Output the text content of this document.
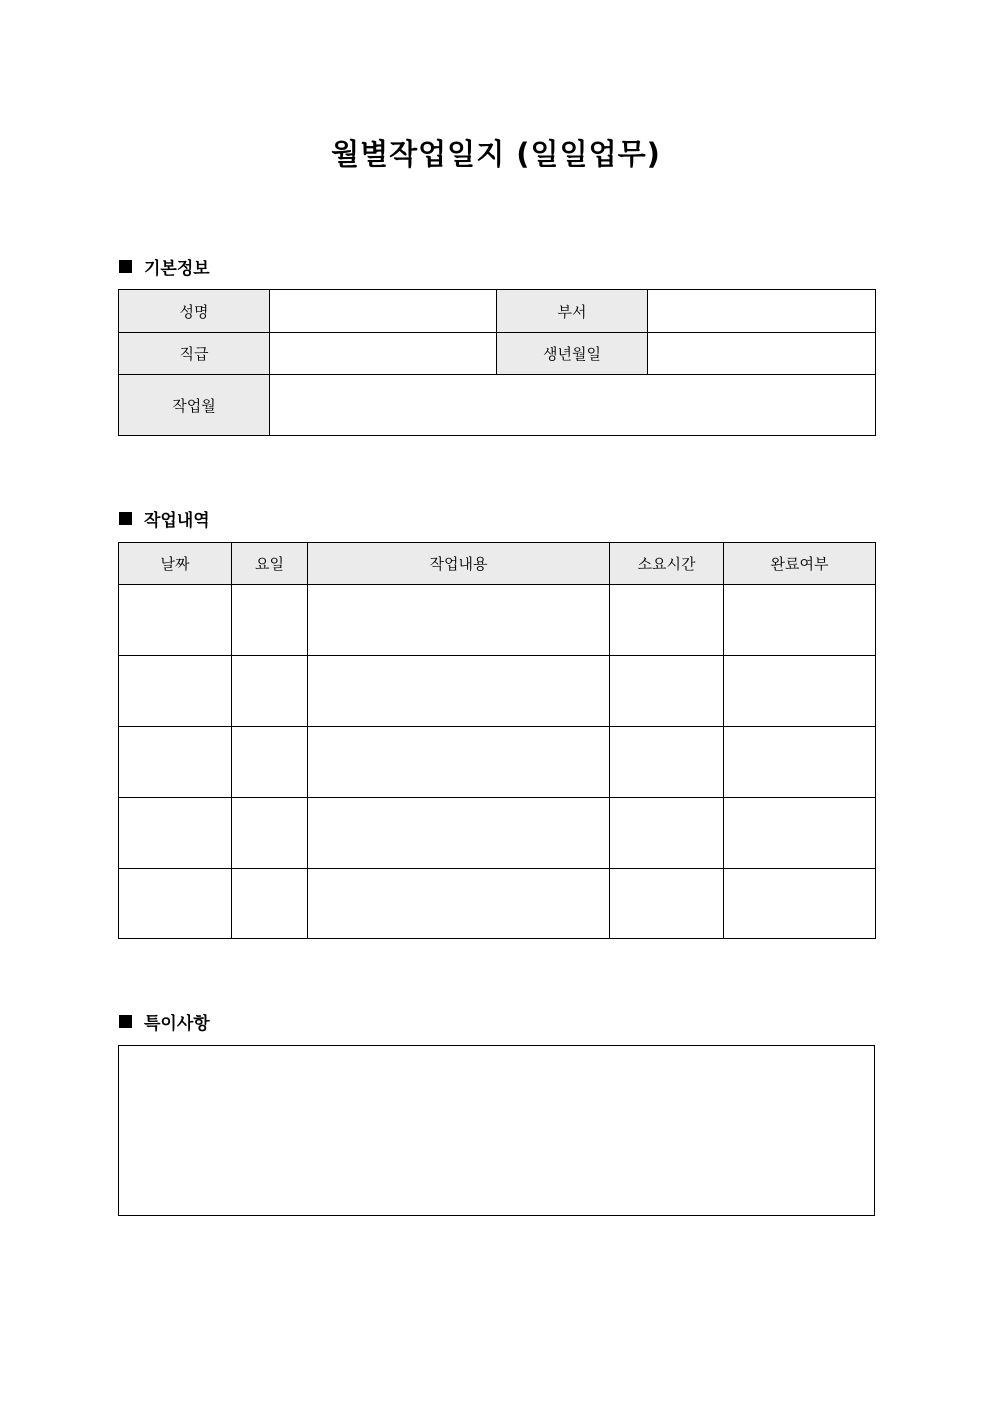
월별작업일지 (일일업무)
기본정보
성명		부서	
직급		생년월일	
작업월			
작업내역
날짜	요일	작업내용	소요시간	완료여부

특이사항
